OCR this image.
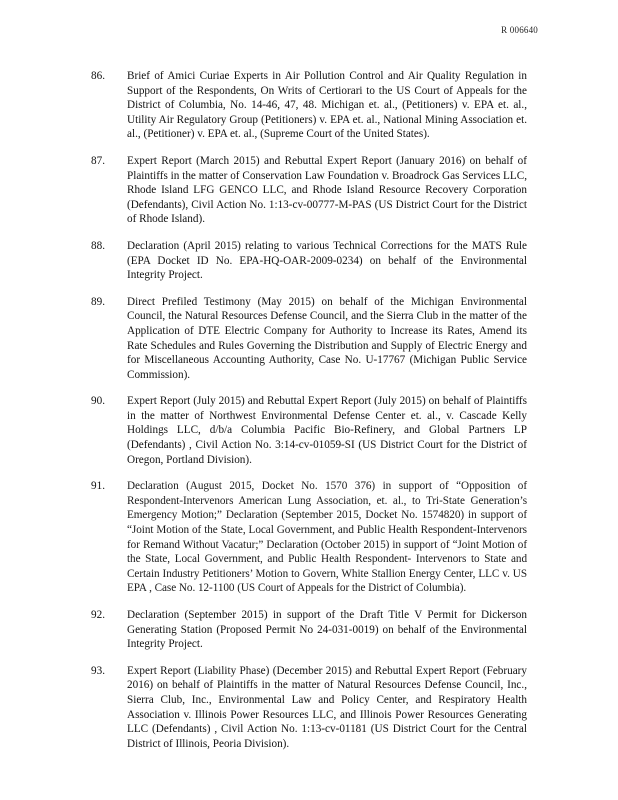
R 006640
86.	Brief of Amici Curiae Experts in Air Pollution Control and Air Quality Regulation in Support of the Respondents, On Writs of Certiorari to the US Court of Appeals for the District of Columbia, No. 14-46, 47, 48. Michigan et. al., (Petitioners) v. EPA et. al., Utility Air Regulatory Group (Petitioners) v. EPA et. al., National Mining Association et. al., (Petitioner) v. EPA et. al., (Supreme Court of the United States).
87.	Expert Report (March 2015) and Rebuttal Expert Report (January 2016) on behalf of Plaintiffs in the matter of Conservation Law Foundation v. Broadrock Gas Services LLC, Rhode Island LFG GENCO LLC, and Rhode Island Resource Recovery Corporation (Defendants), Civil Action No. 1:13-cv-00777-M-PAS (US District Court for the District of Rhode Island).
88.	Declaration (April 2015) relating to various Technical Corrections for the MATS Rule (EPA Docket ID No. EPA-HQ-OAR-2009-0234) on behalf of the Environmental Integrity Project.
89.	Direct Prefiled Testimony (May 2015) on behalf of the Michigan Environmental Council, the Natural Resources Defense Council, and the Sierra Club in the matter of the Application of DTE Electric Company for Authority to Increase its Rates, Amend its Rate Schedules and Rules Governing the Distribution and Supply of Electric Energy and for Miscellaneous Accounting Authority, Case No. U-17767 (Michigan Public Service Commission).
90.	Expert Report (July 2015) and Rebuttal Expert Report (July 2015) on behalf of Plaintiffs in the matter of Northwest Environmental Defense Center et. al., v. Cascade Kelly Holdings LLC, d/b/a Columbia Pacific Bio-Refinery, and Global Partners LP (Defendants) , Civil Action No. 3:14-cv-01059-SI (US District Court for the District of Oregon, Portland Division).
91.	Declaration (August 2015, Docket No. 1570 376) in support of “Opposition of Respondent-Intervenors American Lung Association, et. al., to Tri-State Generation’s Emergency Motion;” Declaration (September 2015, Docket No. 1574820) in support of “Joint Motion of the State, Local Government, and Public Health Respondent-Intervenors for Remand Without Vacatur;” Declaration (October 2015) in support of “Joint Motion of the State, Local Government, and Public Health Respondent- Intervenors to State and Certain Industry Petitioners’ Motion to Govern, White Stallion Energy Center, LLC v. US EPA , Case No. 12-1100 (US Court of Appeals for the District of Columbia).
92.	Declaration (September 2015) in support of the Draft Title V Permit for Dickerson Generating Station (Proposed Permit No 24-031-0019) on behalf of the Environmental Integrity Project.
93.	Expert Report (Liability Phase) (December 2015) and Rebuttal Expert Report (February 2016) on behalf of Plaintiffs in the matter of Natural Resources Defense Council, Inc., Sierra Club, Inc., Environmental Law and Policy Center, and Respiratory Health Association v. Illinois Power Resources LLC, and Illinois Power Resources Generating LLC (Defendants) , Civil Action No. 1:13-cv-01181 (US District Court for the Central District of Illinois, Peoria Division).
